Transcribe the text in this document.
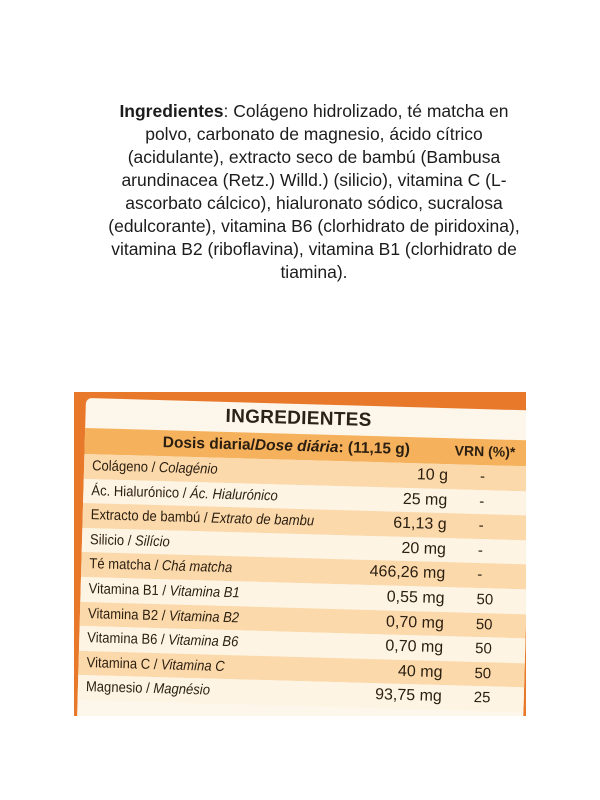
Ingredientes: Colágeno hidrolizado, té matcha en polvo, carbonato de magnesio, ácido cítrico (acidulante), extracto seco de bambú (Bambusa arundinacea (Retz.) Willd.) (silicio), vitamina C (L-ascorbato cálcico), hialuronato sódico, sucralosa (edulcorante), vitamina B6 (clorhidrato de piridoxina), vitamina B2 (riboflavina), vitamina B1 (clorhidrato de tiamina).
INGREDIENTES
Dosis diaria/Dose diária: (11,15 g)	VRN (%)*
Colágeno / Colagénio	10 g -
Ác. Hialurónico / Ác. Hialurónico	25 mg -
Extracto de bambú / Extrato de bambu	61,13 g -
Silicio / Silício	20 mg -
Té matcha / Chá matcha	466,26 mg -
Vitamina B1 / Vitamina B1	0,55 mg 50
Vitamina B2 / Vitamina B2	0,70 mg 50
Vitamina B6 / Vitamina B6	0,70 mg 50
Vitamina C / Vitamina C	40 mg 50
Magnesio / Magnésio	93,75 mg 25
